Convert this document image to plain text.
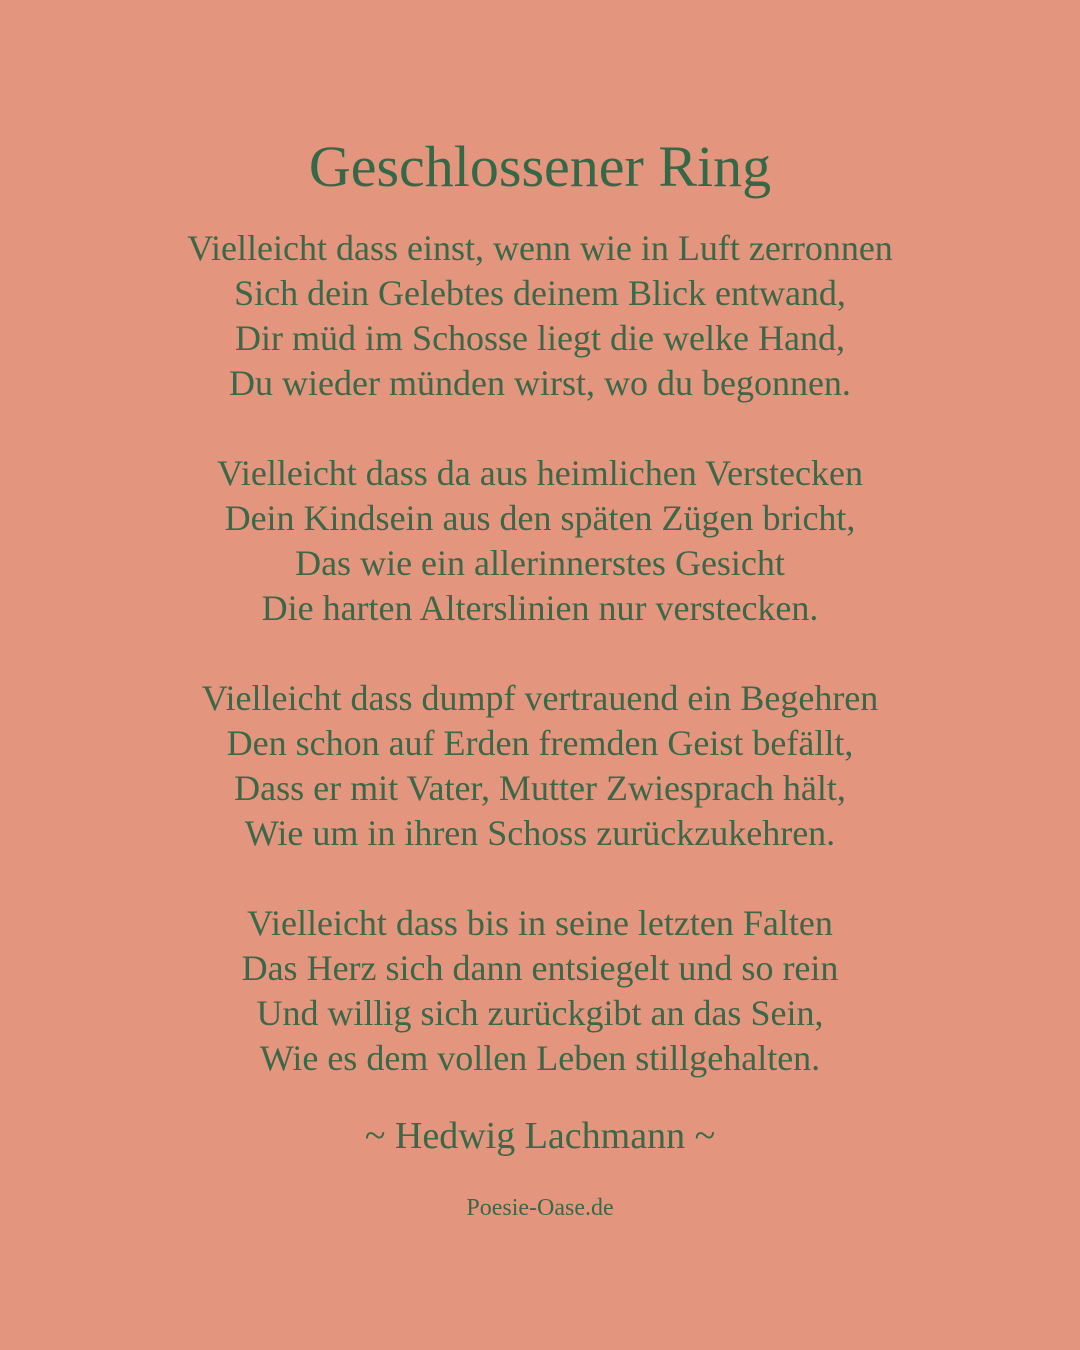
Geschlossener Ring
Vielleicht dass einst, wenn wie in Luft zerronnen
Sich dein Gelebtes deinem Blick entwand,
Dir müd im Schosse liegt die welke Hand,
Du wieder münden wirst, wo du begonnen.
Vielleicht dass da aus heimlichen Verstecken
Dein Kindsein aus den späten Zügen bricht,
Das wie ein allerinnerstes Gesicht
Die harten Alterslinien nur verstecken.
Vielleicht dass dumpf vertrauend ein Begehren
Den schon auf Erden fremden Geist befällt,
Dass er mit Vater, Mutter Zwiesprach hält,
Wie um in ihren Schoss zurückzukehren.
Vielleicht dass bis in seine letzten Falten
Das Herz sich dann entsiegelt und so rein
Und willig sich zurückgibt an das Sein,
Wie es dem vollen Leben stillgehalten.
~ Hedwig Lachmann ~
Poesie-Oase.de
